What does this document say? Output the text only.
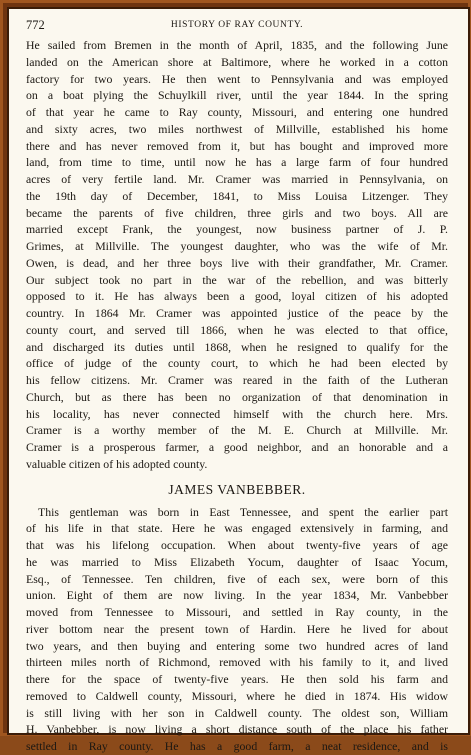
772	HISTORY OF RAY COUNTY.
He sailed from Bremen in the month of April, 1835, and the following June
landed on the American shore at Baltimore, where he worked in a cotton
factory for two years. He then went to Pennsylvania and was employed
on a boat plying the Schuylkill river, until the year 1844. In the spring
of that year he came to Ray county, Missouri, and entering one hundred
and sixty acres, two miles northwest of Millville, established his home
there and has never removed from it, but has bought and improved more
land, from time to time, until now he has a large farm of four hundred
acres of very fertile land. Mr. Cramer was married in Pennsylvania, on
the 19th day of December, 1841, to Miss Louisa Litzenger. They
became the parents of five children, three girls and two boys. All are
married except Frank, the youngest, now business partner of J. P.
Grimes, at Millville. The youngest daughter, who was the wife of Mr.
Owen, is dead, and her three boys live with their grandfather, Mr. Cramer.
Our subject took no part in the war of the rebellion, and was bitterly
opposed to it. He has always been a good, loyal citizen of his adopted
country. In 1864 Mr. Cramer was appointed justice of the peace by the
county court, and served till 1866, when he was elected to that office,
and discharged its duties until 1868, when he resigned to qualify for the
office of judge of the county court, to which he had been elected by
his fellow citizens. Mr. Cramer was reared in the faith of the Lutheran
Church, but as there has been no organization of that denomination in
his locality, has never connected himself with the church here. Mrs.
Cramer is a worthy member of the M. E. Church at Millville. Mr.
Cramer is a prosperous farmer, a good neighbor, and an honorable and a
valuable citizen of his adopted county.
JAMES VANBEBBER.
This gentleman was born in East Tennessee, and spent the earlier part
of his life in that state. Here he was engaged extensively in farming, and
that was his lifelong occupation. When about twenty-five years of age
he was married to Miss Elizabeth Yocum, daughter of Isaac Yocum,
Esq., of Tennessee. Ten children, five of each sex, were born of this
union. Eight of them are now living. In the year 1834, Mr. Vanbebber
moved from Tennessee to Missouri, and settled in Ray county, in the
river bottom near the present town of Hardin. Here he lived for about
two years, and then buying and entering some two hundred acres of land
thirteen miles north of Richmond, removed with his family to it, and lived
there for the space of twenty-five years. He then sold his farm and
removed to Caldwell county, Missouri, where he died in 1874. His widow
is still living with her son in Caldwell county. The oldest son, William
H. Vanbebber, is now living a short distance south of the place his father
settled in Ray county. He has a good farm, a neat residence, and is
